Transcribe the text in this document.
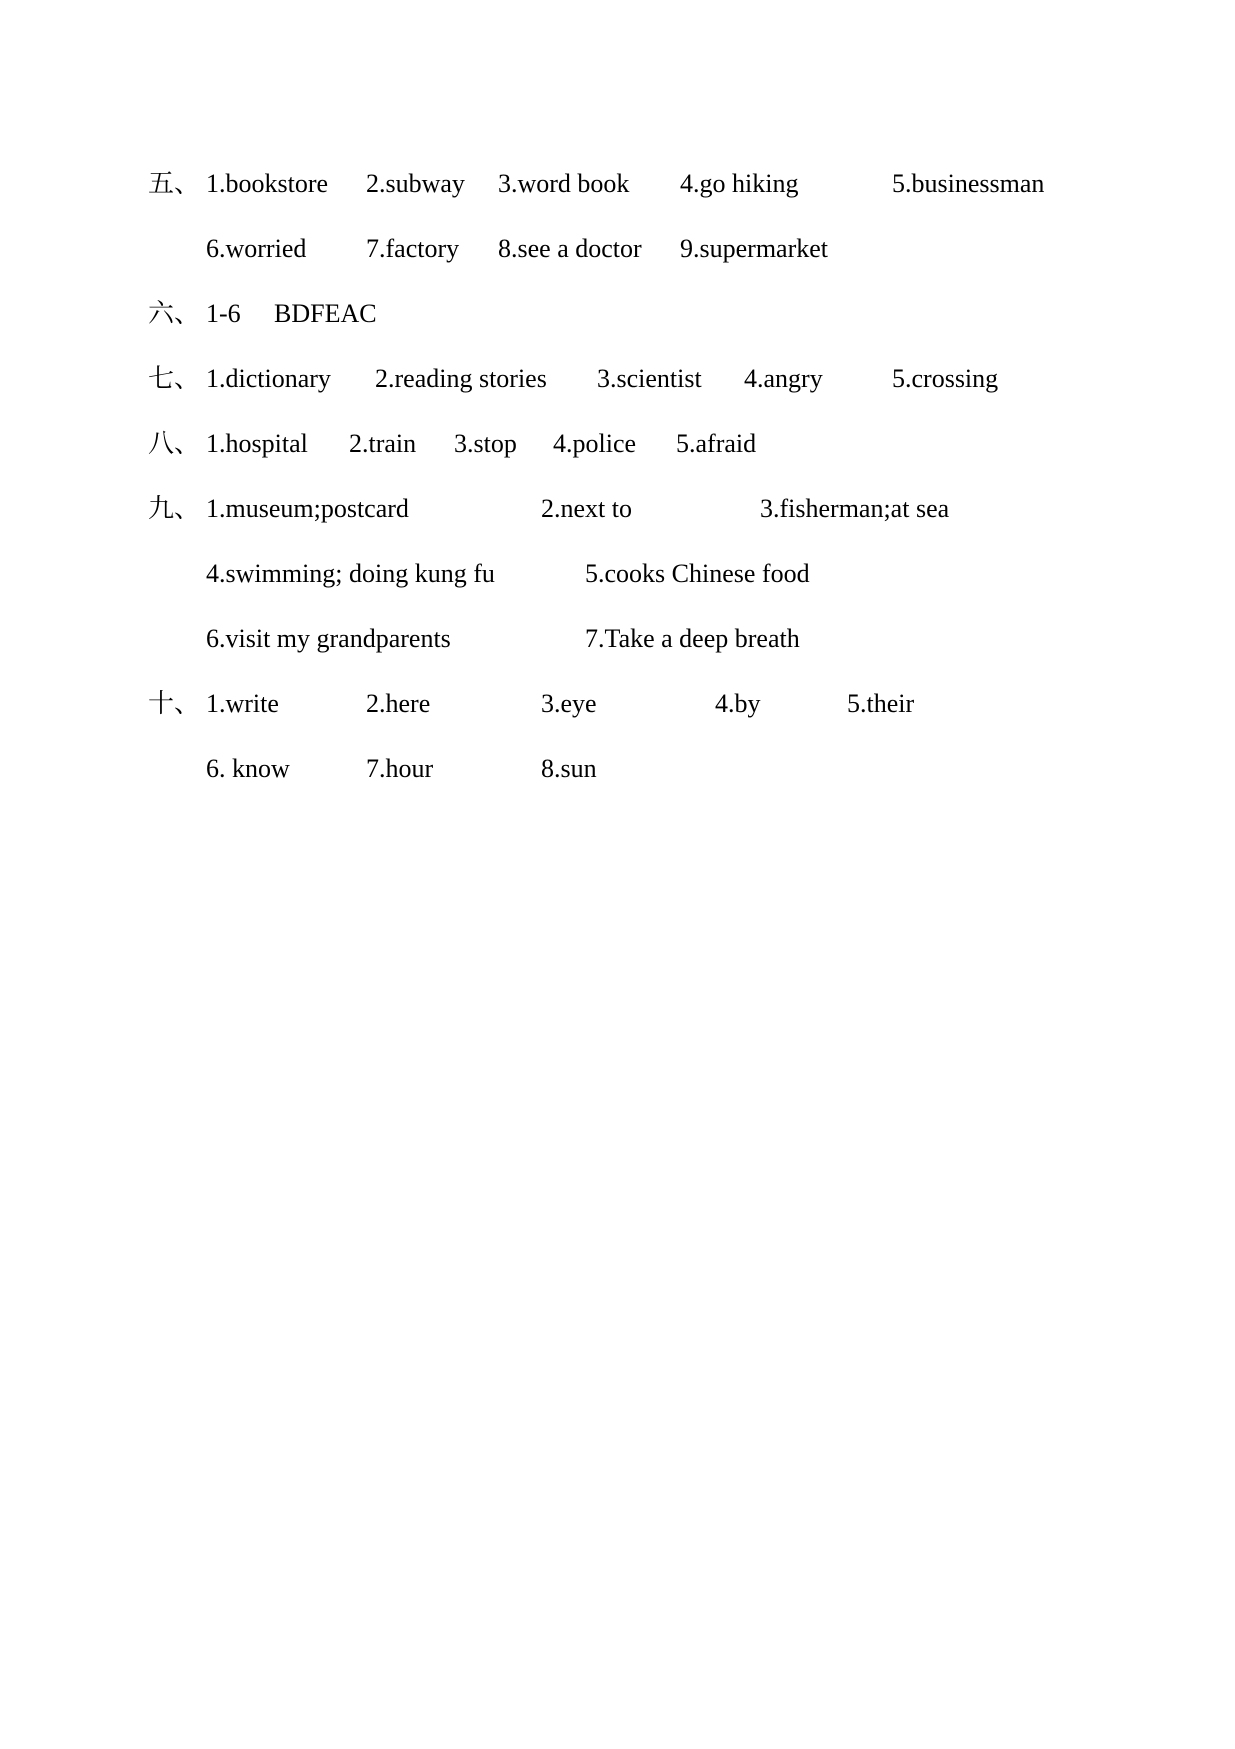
五、 1.bookstore 2.subway 3.word book 4.go hiking	5.businessman
6.worried 7.factory 8.see a doctor 9.supermarket
六、 1-6 BDFEAC
七、 1.dictionary 2.reading stories 3.scientist 4.angry	5.crossing
八、 1.hospital 2.train 3.stop 4.police 5.afraid
九、 1.museum;postcard	2.next to	3.fisherman;at sea
4.swimming; doing kung fu	5.cooks Chinese food
6.visit my grandparents	7.Take a deep breath
十、 1.write	2.here	3.eye	4.by	5.their
6. know	7.hour	8.sun
